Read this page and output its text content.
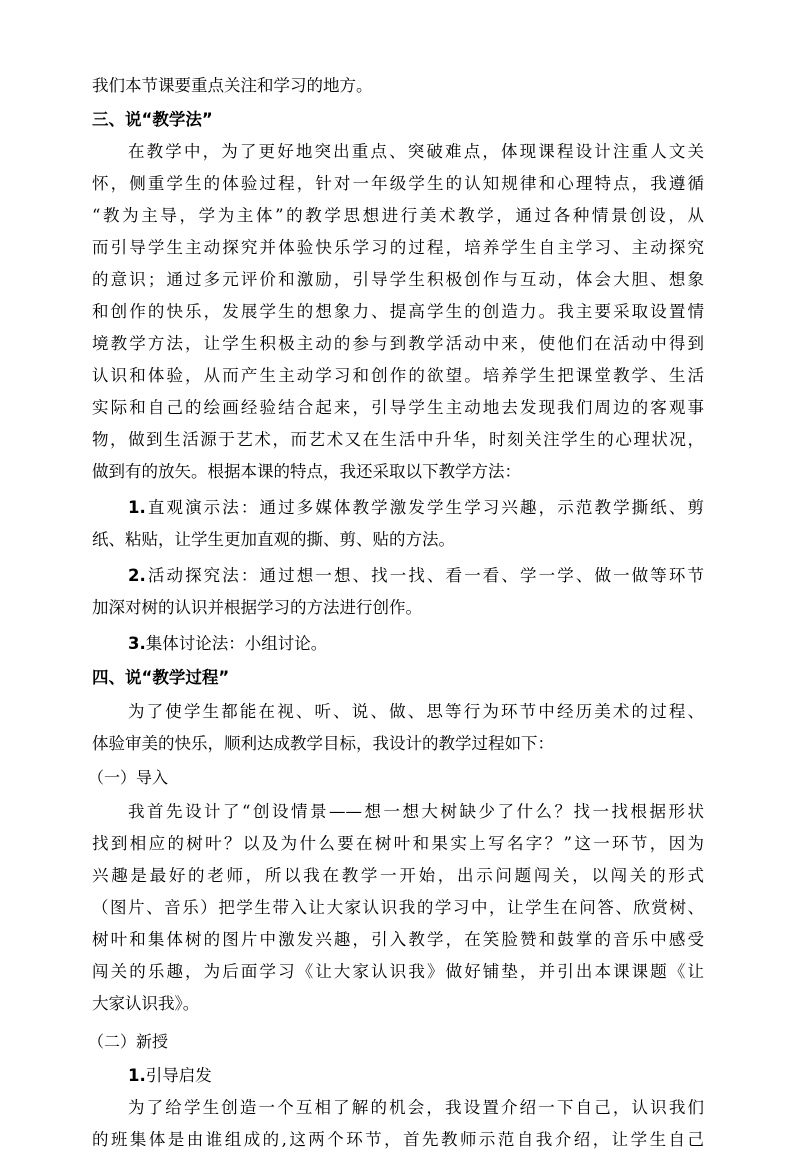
我们本节课要重点关注和学习的地方。
三、说“教学法”
在教学中，为了更好地突出重点、突破难点，体现课程设计注重人文关
怀，侧重学生的体验过程，针对一年级学生的认知规律和心理特点，我遵循
“教为主导，学为主体”的教学思想进行美术教学，通过各种情景创设，从
而引导学生主动探究并体验快乐学习的过程，培养学生自主学习、主动探究
的意识；通过多元评价和激励，引导学生积极创作与互动，体会大胆、想象
和创作的快乐，发展学生的想象力、提高学生的创造力。我主要采取设置情
境教学方法，让学生积极主动的参与到教学活动中来，使他们在活动中得到
认识和体验，从而产生主动学习和创作的欲望。培养学生把课堂教学、生活
实际和自己的绘画经验结合起来，引导学生主动地去发现我们周边的客观事
物，做到生活源于艺术，而艺术又在生活中升华，时刻关注学生的心理状况，
做到有的放矢。根据本课的特点，我还采取以下教学方法：
1.直观演示法：通过多媒体教学激发学生学习兴趣，示范教学撕纸、剪
纸、粘贴，让学生更加直观的撕、剪、贴的方法。
2.活动探究法：通过想一想、找一找、看一看、学一学、做一做等环节
加深对树的认识并根据学习的方法进行创作。
3.集体讨论法：小组讨论。
四、说“教学过程”
为了使学生都能在视、听、说、做、思等行为环节中经历美术的过程、
体验审美的快乐，顺利达成教学目标，我设计的教学过程如下：
（一）导入
我首先设计了“创设情景——想一想大树缺少了什么？找一找根据形状
找到相应的树叶？以及为什么要在树叶和果实上写名字？”这一环节，因为
兴趣是最好的老师，所以我在教学一开始，出示问题闯关，以闯关的形式
（图片、音乐）把学生带入让大家认识我的学习中，让学生在问答、欣赏树、
树叶和集体树的图片中激发兴趣，引入教学，在笑脸赞和鼓掌的音乐中感受
闯关的乐趣，为后面学习《让大家认识我》做好铺垫，并引出本课课题《让
大家认识我》。
（二）新授
1.引导启发
为了给学生创造一个互相了解的机会，我设置介绍一下自己，认识我们
的班集体是由谁组成的,这两个环节，首先教师示范自我介绍，让学生自己
